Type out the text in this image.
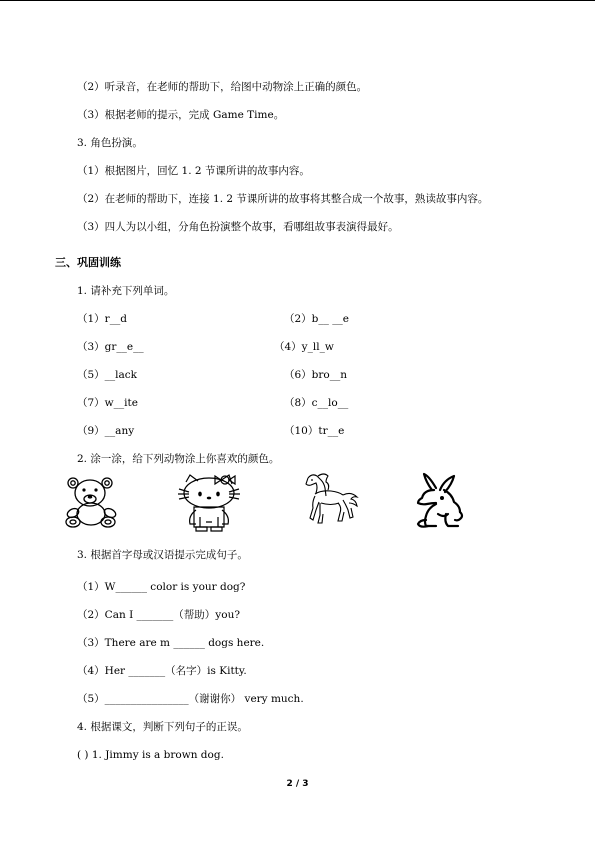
（2）听录音，在老师的帮助下，给图中动物涂上正确的颜色。
（3）根据老师的提示，完成 Game Time。
3. 角色扮演。
（1）根据图片，回忆 1. 2 节课所讲的故事内容。
（2）在老师的帮助下，连接 1. 2 节课所讲的故事将其整合成一个故事，熟读故事内容。
（3）四人为以小组，分角色扮演整个故事，看哪组故事表演得最好。
三、巩固训练
1. 请补充下列单词。
（1）r__d	（2）b__ __e
（3）gr__e__	（4）y_ll_w
（5）__lack	（6）bro__n
（7）w__ite	（8）c__lo__
（9）__any	（10）tr__e
2. 涂一涂，给下列动物涂上你喜欢的颜色。
3. 根据首字母或汉语提示完成句子。
（1）W______ color is your dog?
（2）Can I _______（帮助）you?
（3）There are m ______ dogs here.
（4）Her _______（名字）is Kitty.
（5）________________（谢谢你） very much.
4. 根据课文，判断下列句子的正误。
( ) 1. Jimmy is a brown dog.
2 / 3
